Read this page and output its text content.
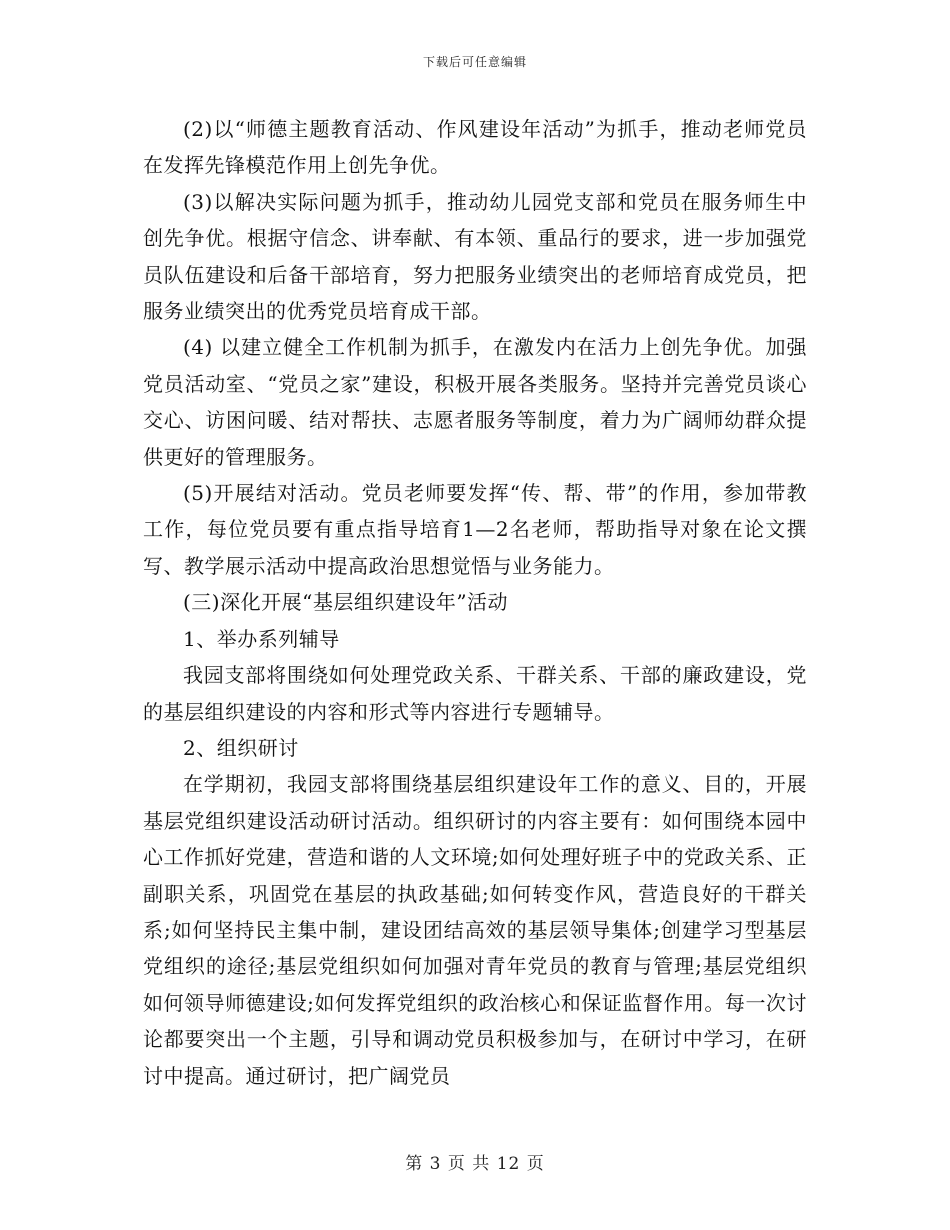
下载后可任意编辑

(2)以“师德主题教育活动、作风建设年活动”为抓手，推动老师党员在发挥先锋模范作用上创先争优。

(3)以解决实际问题为抓手，推动幼儿园党支部和党员在服务师生中创先争优。根据守信念、讲奉献、有本领、重品行的要求，进一步加强党员队伍建设和后备干部培育，努力把服务业绩突出的老师培育成党员，把服务业绩突出的优秀党员培育成干部。

(4) 以建立健全工作机制为抓手，在激发内在活力上创先争优。加强党员活动室、“党员之家”建设，积极开展各类服务。坚持并完善党员谈心交心、访困问暖、结对帮扶、志愿者服务等制度，着力为广阔师幼群众提供更好的管理服务。

(5)开展结对活动。党员老师要发挥“传、帮、带”的作用，参加带教工作，每位党员要有重点指导培育1—2名老师，帮助指导对象在论文撰写、教学展示活动中提高政治思想觉悟与业务能力。

(三)深化开展“基层组织建设年”活动

1、举办系列辅导

我园支部将围绕如何处理党政关系、干群关系、干部的廉政建设，党的基层组织建设的内容和形式等内容进行专题辅导。

2、组织研讨

在学期初，我园支部将围绕基层组织建设年工作的意义、目的，开展基层党组织建设活动研讨活动。组织研讨的内容主要有：如何围绕本园中心工作抓好党建，营造和谐的人文环境;如何处理好班子中的党政关系、正副职关系，巩固党在基层的执政基础;如何转变作风，营造良好的干群关系;如何坚持民主集中制，建设团结高效的基层领导集体;创建学习型基层党组织的途径;基层党组织如何加强对青年党员的教育与管理;基层党组织如何领导师德建设;如何发挥党组织的政治核心和保证监督作用。每一次讨论都要突出一个主题，引导和调动党员积极参加与，在研讨中学习，在研讨中提高。通过研讨，把广阔党员

第 3 页 共 12 页
